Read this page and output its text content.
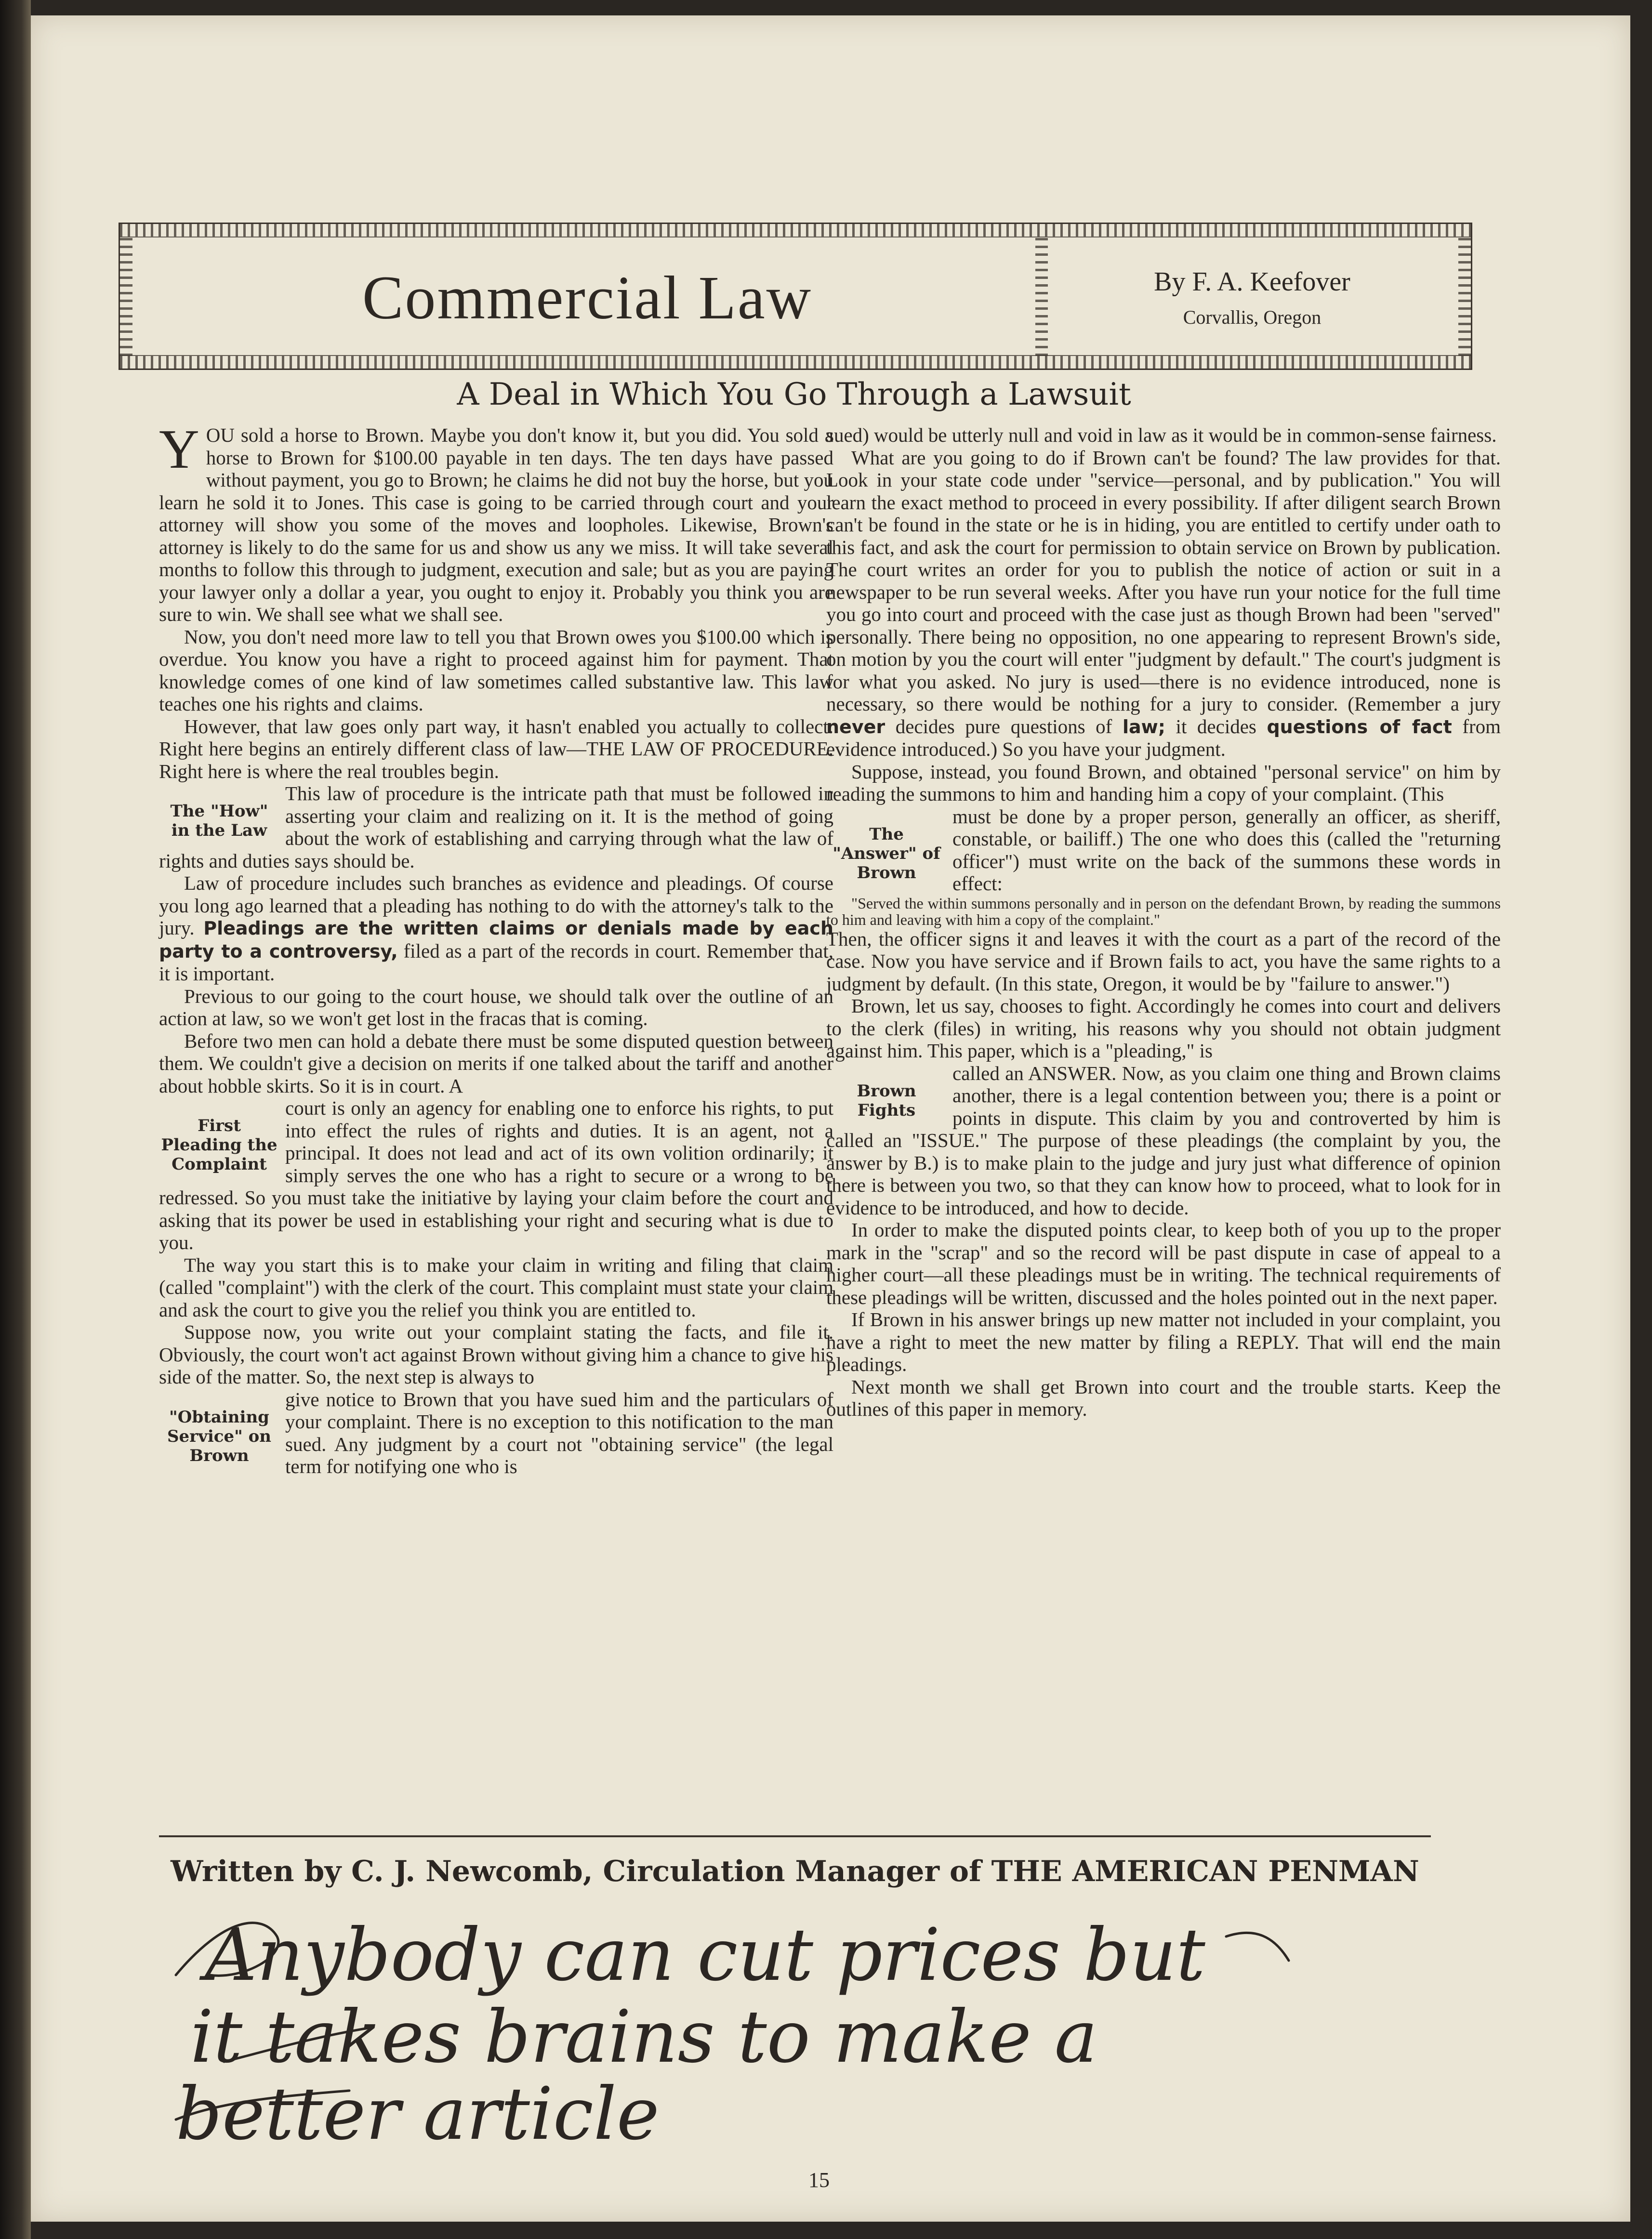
Commercial Law	By F. A. Keefover
Corvallis, Oregon
A Deal in Which You Go Through a Lawsuit

YOU sold a horse to Brown. Maybe you don't know it, but you did. You sold a horse to Brown for $100.00 payable in ten days. The ten days have passed without payment, you go to Brown; he claims he did not buy the horse, but you learn he sold it to Jones. This case is going to be carried through court and your attorney will show you some of the moves and loopholes. Likewise, Brown's attorney is likely to do the same for us and show us any we miss. It will take several months to follow this through to judgment, execution and sale; but as you are paying your lawyer only a dollar a year, you ought to enjoy it. Probably you think you are sure to win. We shall see what we shall see.

Now, you don't need more law to tell you that Brown owes you $100.00 which is overdue. You know you have a right to proceed against him for payment. That knowledge comes of one kind of law sometimes called substantive law. This law teaches one his rights and claims.

However, that law goes only part way, it hasn't enabled you actually to collect. Right here begins an entirely different class of law—THE LAW OF PROCEDURE. Right here is where the real troubles begin.

The "How" in the Law

This law of procedure is the intricate path that must be followed in asserting your claim and realizing on it. It is the method of going about the work of establishing and carrying through what the law of rights and duties says should be.

Law of procedure includes such branches as evidence and pleadings. Of course you long ago learned that a pleading has nothing to do with the attorney's talk to the jury. Pleadings are the written claims or denials made by each party to a controversy, filed as a part of the records in court. Remember that, it is important.

Previous to our going to the court house, we should talk over the outline of an action at law, so we won't get lost in the fracas that is coming.

Before two men can hold a debate there must be some disputed question between them. We couldn't give a decision on merits if one talked about the tariff and another about hobble skirts. So it is in court. A

First Pleading the Complaint

court is only an agency for enabling one to enforce his rights, to put into effect the rules of rights and duties. It is an agent, not a principal. It does not lead and act of its own volition ordinarily; it simply serves the one who has a right to secure or a wrong to be redressed. So you must take the initiative by laying your claim before the court and asking that its power be used in establishing your right and securing what is due to you.

The way you start this is to make your claim in writing and filing that claim (called "complaint") with the clerk of the court. This complaint must state your claim and ask the court to give you the relief you think you are entitled to.

Suppose now, you write out your complaint stating the facts, and file it. Obviously, the court won't act against Brown without giving him a chance to give his side of the matter. So, the next step is always to

"Obtaining Service" on Brown

give notice to Brown that you have sued him and the particulars of your complaint. There is no exception to this notification to the man sued. Any judgment by a court not "obtaining service" (the legal term for notifying one who is

sued) would be utterly null and void in law as it would be in common-sense fairness.

What are you going to do if Brown can't be found? The law provides for that. Look in your state code under "service—personal, and by publication." You will learn the exact method to proceed in every possibility. If after diligent search Brown can't be found in the state or he is in hiding, you are entitled to certify under oath to this fact, and ask the court for permission to obtain service on Brown by publication. The court writes an order for you to publish the notice of action or suit in a newspaper to be run several weeks. After you have run your notice for the full time you go into court and proceed with the case just as though Brown had been "served" personally. There being no opposition, no one appearing to represent Brown's side, on motion by you the court will enter "judgment by default." The court's judgment is for what you asked. No jury is used—there is no evidence introduced, none is necessary, so there would be nothing for a jury to consider. (Remember a jury never decides pure questions of law; it decides questions of fact from evidence introduced.) So you have your judgment.

Suppose, instead, you found Brown, and obtained "personal service" on him by reading the summons to him and handing him a copy of your complaint. (This

The "Answer" of Brown

must be done by a proper person, generally an officer, as sheriff, constable, or bailiff.) The one who does this (called the "returning officer") must write on the back of the summons these words in effect:

"Served the within summons personally and in person on the defendant Brown, by reading the summons to him and leaving with him a copy of the complaint."

Then, the officer signs it and leaves it with the court as a part of the record of the case. Now you have service and if Brown fails to act, you have the same rights to a judgment by default. (In this state, Oregon, it would be by "failure to answer.")

Brown, let us say, chooses to fight. Accordingly he comes into court and delivers to the clerk (files) in writing, his reasons why you should not obtain judgment against him. This paper, which is a "pleading," is

Brown Fights

called an ANSWER. Now, as you claim one thing and Brown claims another, there is a legal contention between you; there is a point or points in dispute. This claim by you and controverted by him is called an "ISSUE." The purpose of these pleadings (the complaint by you, the answer by B.) is to make plain to the judge and jury just what difference of opinion there is between you two, so that they can know how to proceed, what to look for in evidence to be introduced, and how to decide.

In order to make the disputed points clear, to keep both of you up to the proper mark in the "scrap" and so the record will be past dispute in case of appeal to a higher court—all these pleadings must be in writing. The technical requirements of these pleadings will be written, discussed and the holes pointed out in the next paper.

If Brown in his answer brings up new matter not included in your complaint, you have a right to meet the new matter by filing a REPLY. That will end the main pleadings.

Next month we shall get Brown into court and the trouble starts. Keep the outlines of this paper in memory.

Written by C. J. Newcomb, Circulation Manager of THE AMERICAN PENMAN
Anybody can cut prices but
it takes brains to make a
better article
15
